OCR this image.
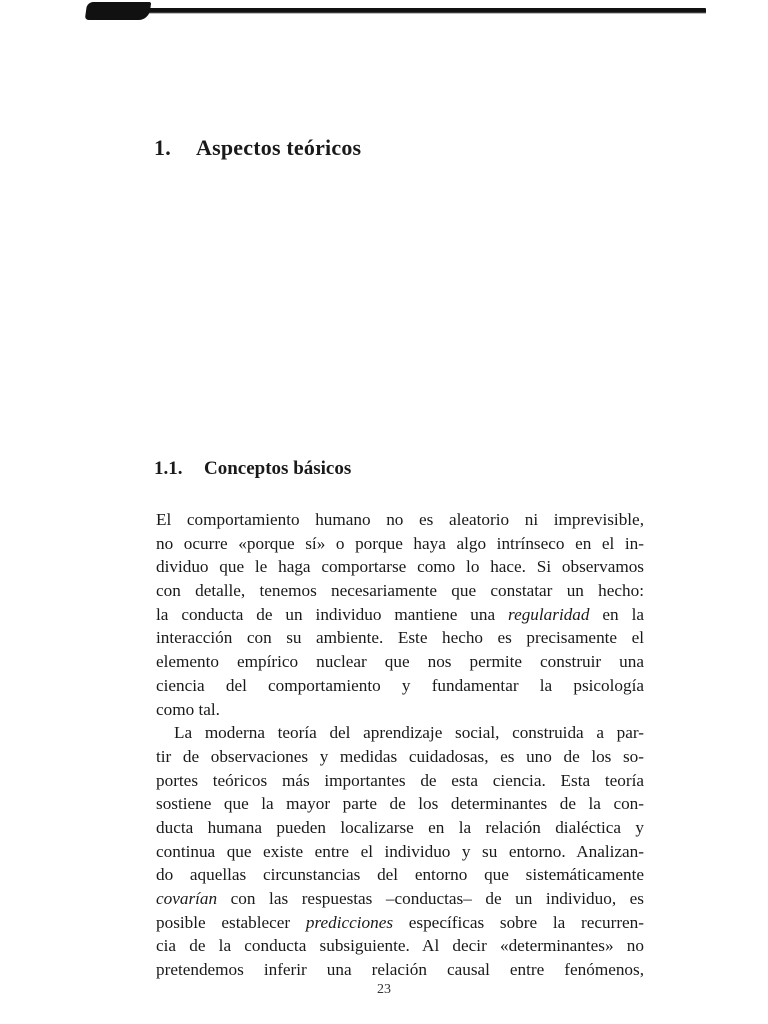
1. Aspectos teóricos
1.1. Conceptos básicos
El comportamiento humano no es aleatorio ni imprevisible,
no ocurre «porque sí» o porque haya algo intrínseco en el in-
dividuo que le haga comportarse como lo hace. Si observamos
con detalle, tenemos necesariamente que constatar un hecho:
la conducta de un individuo mantiene una regularidad en la
interacción con su ambiente. Este hecho es precisamente el
elemento empírico nuclear que nos permite construir una
ciencia del comportamiento y fundamentar la psicología
como tal.
La moderna teoría del aprendizaje social, construida a par-
tir de observaciones y medidas cuidadosas, es uno de los so-
portes teóricos más importantes de esta ciencia. Esta teoría
sostiene que la mayor parte de los determinantes de la con-
ducta humana pueden localizarse en la relación dialéctica y
continua que existe entre el individuo y su entorno. Analizan-
do aquellas circunstancias del entorno que sistemáticamente
covarían con las respuestas –conductas– de un individuo, es
posible establecer predicciones específicas sobre la recurren-
cia de la conducta subsiguiente. Al decir «determinantes» no
pretendemos inferir una relación causal entre fenómenos,
23
